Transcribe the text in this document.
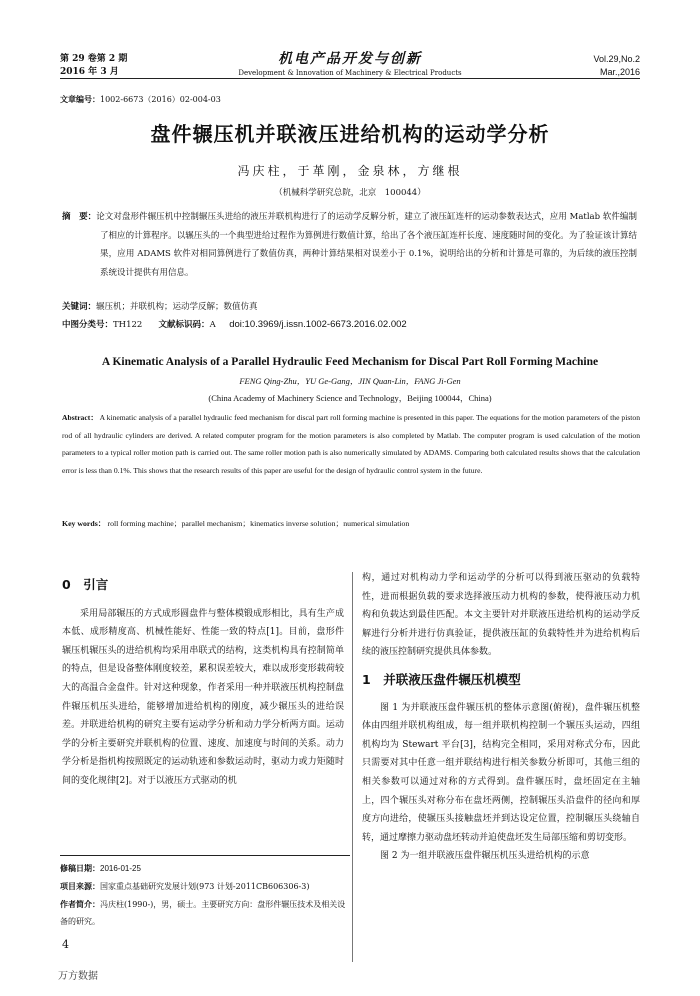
第 29 卷第 2 期
2016 年 3 月
机电产品开发与创新
Development & Innovation of Machinery & Electrical Products
Vol.29,No.2
Mar.,2016
文章编号：1002-6673（2016）02-004-03
盘件辗压机并联液压进给机构的运动学分析
冯庆柱，于革刚，金泉林，方继根
（机械科学研究总院，北京　100044）
摘　要：论文对盘形件辗压机中控制辗压头进给的液压并联机构进行了的运动学反解分析，建立了液压缸连杆的运动参数表达式，应用 Matlab 软件编制了相应的计算程序。以辗压头的一个典型进给过程作为算例进行数值计算，给出了各个液压缸连杆长度、速度随时间的变化。为了验证该计算结果，应用 ADAMS 软件对相同算例进行了数值仿真，两种计算结果相对误差小于 0.1%，说明给出的分析和计算是可靠的，为后续的液压控制系统设计提供有用信息。
关键词：辗压机；并联机构；运动学反解；数值仿真
中图分类号：TH122 文献标识码：A doi:10.3969/j.issn.1002-6673.2016.02.002
A Kinematic Analysis of a Parallel Hydraulic Feed Mechanism for Discal Part Roll Forming Machine
FENG Qing-Zhu，YU Ge-Gang，JIN Quan-Lin，FANG Ji-Gen
(China Academy of Machinery Science and Technology，Beijing 100044，China)
Abstract： A kinematic analysis of a parallel hydraulic feed mechanism for discal part roll forming machine is presented in this paper. The equations for the motion parameters of the piston rod of all hydraulic cylinders are derived. A related computer program for the motion parameters is also completed by Matlab. The computer program is used calculation of the motion parameters to a typical roller motion path is carried out. The same roller motion path is also numerically simulated by ADAMS. Comparing both calculated results shows that the calculation error is less than 0.1%. This shows that the research results of this paper are useful for the design of hydraulic control system in the future.
Key words： roll forming machine；parallel mechanism；kinematics inverse solution；numerical simulation
0　引言

采用局部辗压的方式成形圆盘件与整体模锻成形相比，具有生产成本低、成形精度高、机械性能好、性能一致的特点[1]。目前，盘形件辗压机辗压头的进给机构均采用串联式的结构，这类机构具有控制简单的特点，但是设备整体刚度较差，累积误差较大，难以成形变形载荷较大的高温合金盘件。针对这种现象，作者采用一种并联液压机构控制盘件辗压机压头进给，能够增加进给机构的刚度，减少辗压头的进给误差。并联进给机构的研究主要有运动学分析和动力学分析两方面。运动学的分析主要研究并联机构的位置、速度、加速度与时间的关系。动力学分析是指机构按照既定的运动轨迹和参数运动时，驱动力或力矩随时间的变化规律[2]。对于以液压方式驱动的机

构，通过对机构动力学和运动学的分析可以得到液压驱动的负载特性，进而根据负载的要求选择液压动力机构的参数，使得液压动力机构和负载达到最佳匹配。本文主要针对并联液压进给机构的运动学反解进行分析并进行仿真验证，提供液压缸的负载特性并为进给机构后续的液压控制研究提供具体参数。

1　并联液压盘件辗压机模型

图 1 为并联液压盘件辗压机的整体示意图(俯视)，盘件辗压机整体由四组并联机构组成，每一组并联机构控制一个辗压头运动，四组机构均为 Stewart 平台[3]，结构完全相同，采用对称式分布，因此只需要对其中任意一组并联结构进行相关参数分析即可，其他三组的相关参数可以通过对称的方式得到。盘件辗压时，盘坯固定在主轴上，四个辗压头对称分布在盘坯两侧，控制辗压头沿盘件的径向和厚度方向进给，使辗压头接触盘坯并到达设定位置，控制辗压头绕轴自转，通过摩擦力驱动盘坯转动并迫使盘坯发生局部压缩和剪切变形。

图 2 为一组并联液压盘件辗压机压头进给机构的示意

修稿日期：2016-01-25
项目来源：国家重点基础研究发展计划(973 计划-2011CB606306-3)
作者简介：冯庆柱(1990-)，男，硕士。主要研究方向：盘形件辗压技术及相关设备的研究。
4
万方数据
